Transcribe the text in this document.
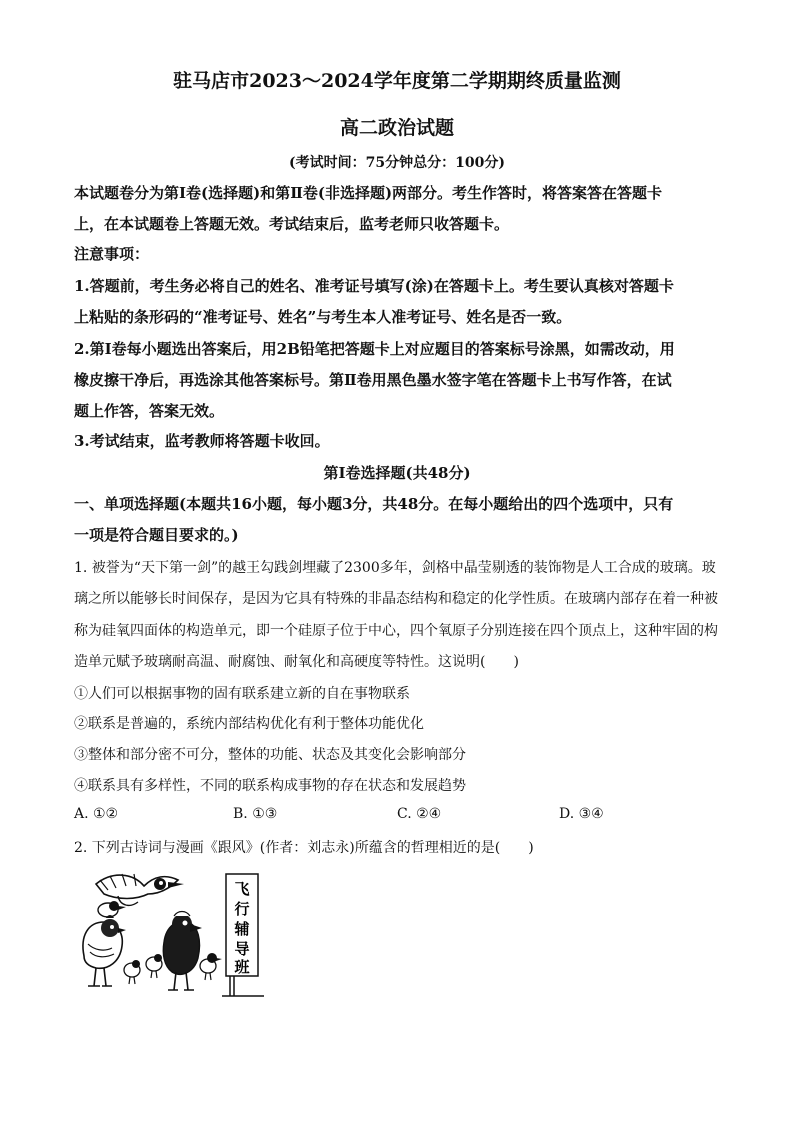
驻马店市2023～2024学年度第二学期期终质量监测
高二政治试题
(考试时间：75分钟总分：100分)
本试题卷分为第Ⅰ卷(选择题)和第Ⅱ卷(非选择题)两部分。考生作答时，将答案答在答题卡
上，在本试题卷上答题无效。考试结束后，监考老师只收答题卡。
注意事项：
1.答题前，考生务必将自己的姓名、准考证号填写(涂)在答题卡上。考生要认真核对答题卡
上粘贴的条形码的“准考证号、姓名”与考生本人准考证号、姓名是否一致。
2.第Ⅰ卷每小题选出答案后，用2B铅笔把答题卡上对应题目的答案标号涂黑，如需改动，用
橡皮擦干净后，再选涂其他答案标号。第Ⅱ卷用黑色墨水签字笔在答题卡上书写作答，在试
题上作答，答案无效。
3.考试结束，监考教师将答题卡收回。
第Ⅰ卷选择题(共48分)
一、单项选择题(本题共16小题，每小题3分，共48分。在每小题给出的四个选项中，只有
一项是符合题目要求的。)
1. 被誉为“天下第一剑”的越王勾践剑埋藏了2300多年，剑格中晶莹剔透的装饰物是人工合成的玻璃。玻
璃之所以能够长时间保存，是因为它具有特殊的非晶态结构和稳定的化学性质。在玻璃内部存在着一种被
称为硅氧四面体的构造单元，即一个硅原子位于中心，四个氧原子分别连接在四个顶点上，这种牢固的构
造单元赋予玻璃耐高温、耐腐蚀、耐氧化和高硬度等特性。这说明(　　)
①人们可以根据事物的固有联系建立新的自在事物联系
②联系是普遍的，系统内部结构优化有利于整体功能优化
③整体和部分密不可分，整体的功能、状态及其变化会影响部分
④联系具有多样性，不同的联系构成事物的存在状态和发展趋势
A. ①②	B. ①③	C. ②④	D. ③④
2. 下列古诗词与漫画《跟风》(作者：刘志永)所蕴含的哲理相近的是(　　)
飞
行
辅
导
班
